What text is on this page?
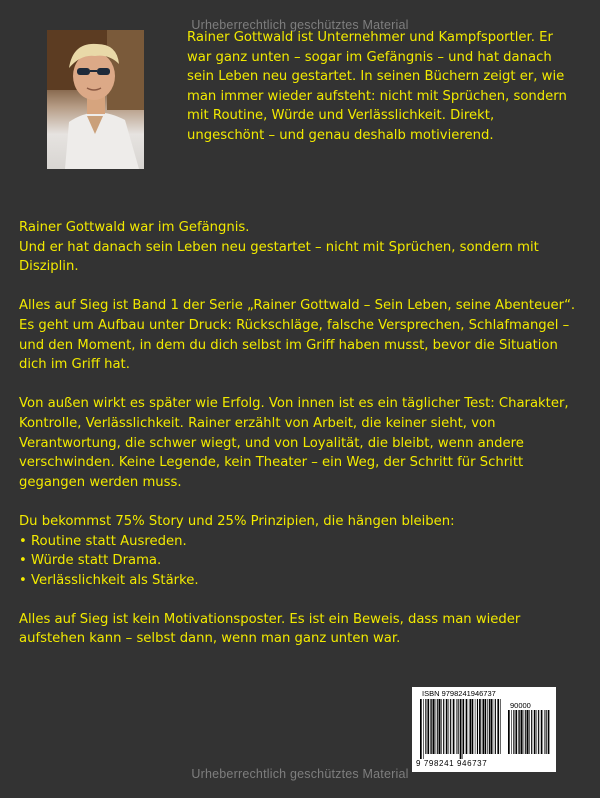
Urheberrechtlich geschütztes Material

Rainer Gottwald ist Unternehmer und Kampfsportler. Er war ganz unten – sogar im Gefängnis – und hat danach sein Leben neu gestartet. In seinen Büchern zeigt er, wie man immer wieder aufsteht: nicht mit Sprüchen, sondern mit Routine, Würde und Verlässlichkeit. Direkt, ungeschönt – und genau deshalb motivierend.

Rainer Gottwald war im Gefängnis.
Und er hat danach sein Leben neu gestartet – nicht mit Sprüchen, sondern mit Disziplin.

Alles auf Sieg ist Band 1 der Serie „Rainer Gottwald – Sein Leben, seine Abenteuer“. Es geht um Aufbau unter Druck: Rückschläge, falsche Versprechen, Schlafmangel – und den Moment, in dem du dich selbst im Griff haben musst, bevor die Situation dich im Griff hat.

Von außen wirkt es später wie Erfolg. Von innen ist es ein täglicher Test: Charakter, Kontrolle, Verlässlichkeit. Rainer erzählt von Arbeit, die keiner sieht, von Verantwortung, die schwer wiegt, und von Loyalität, die bleibt, wenn andere verschwinden. Keine Legende, kein Theater – ein Weg, der Schritt für Schritt gegangen werden muss.

Du bekommst 75% Story und 25% Prinzipien, die hängen bleiben:
• Routine statt Ausreden.
• Würde statt Drama.
• Verlässlichkeit als Stärke.

Alles auf Sieg ist kein Motivationsposter. Es ist ein Beweis, dass man wieder aufstehen kann – selbst dann, wenn man ganz unten war.

ISBN 9798241946737
90000
9 798241 946737
Urheberrechtlich geschütztes Material
